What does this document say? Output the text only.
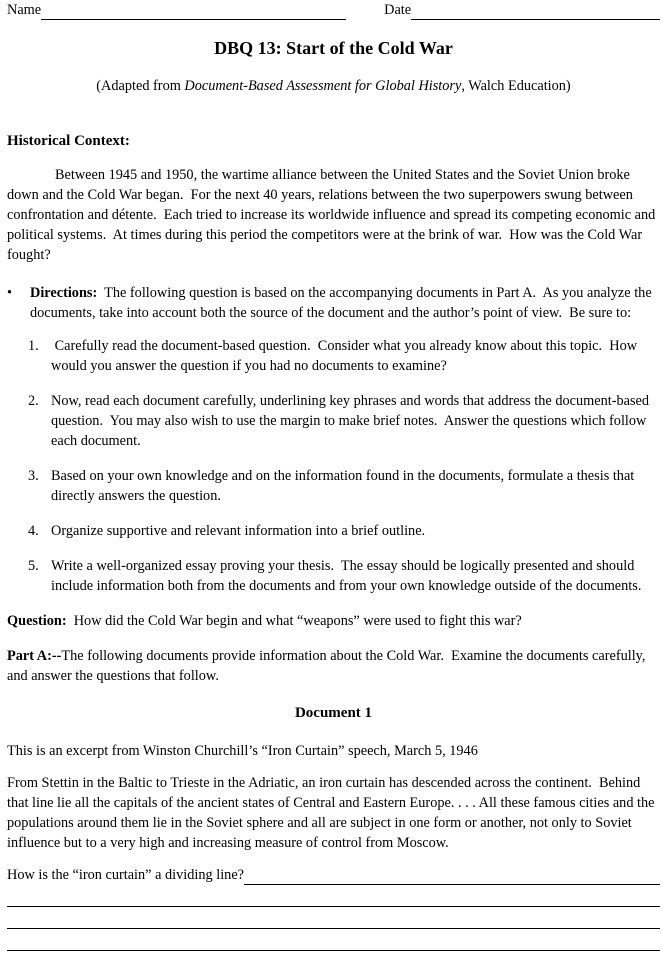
Name	Date
DBQ 13: Start of the Cold War
(Adapted from Document-Based Assessment for Global History, Walch Education)
Historical Context:
Between 1945 and 1950, the wartime alliance between the United States and the Soviet Union broke down and the Cold War began.  For the next 40 years, relations between the two superpowers swung between confrontation and détente.  Each tried to increase its worldwide influence and spread its competing economic and political systems.  At times during this period the competitors were at the brink of war.  How was the Cold War fought?
•	Directions:  The following question is based on the accompanying documents in Part A.  As you analyze the documents, take into account both the source of the document and the author’s point of view.  Be sure to:
1. Carefully read the document-based question.  Consider what you already know about this topic.  How would you answer the question if you had no documents to examine?
2. Now, read each document carefully, underlining key phrases and words that address the document-based question.  You may also wish to use the margin to make brief notes.  Answer the questions which follow each document.
3. Based on your own knowledge and on the information found in the documents, formulate a thesis that directly answers the question.
4. Organize supportive and relevant information into a brief outline.
5. Write a well-organized essay proving your thesis.  The essay should be logically presented and should include information both from the documents and from your own knowledge outside of the documents.
Question:  How did the Cold War begin and what “weapons” were used to fight this war?
Part A:--The following documents provide information about the Cold War.  Examine the documents carefully, and answer the questions that follow.
Document 1
This is an excerpt from Winston Churchill’s “Iron Curtain” speech, March 5, 1946
From Stettin in the Baltic to Trieste in the Adriatic, an iron curtain has descended across the continent.  Behind that line lie all the capitals of the ancient states of Central and Eastern Europe. . . . All these famous cities and the populations around them lie in the Soviet sphere and all are subject in one form or another, not only to Soviet influence but to a very high and increasing measure of control from Moscow.
How is the “iron curtain” a dividing line?
